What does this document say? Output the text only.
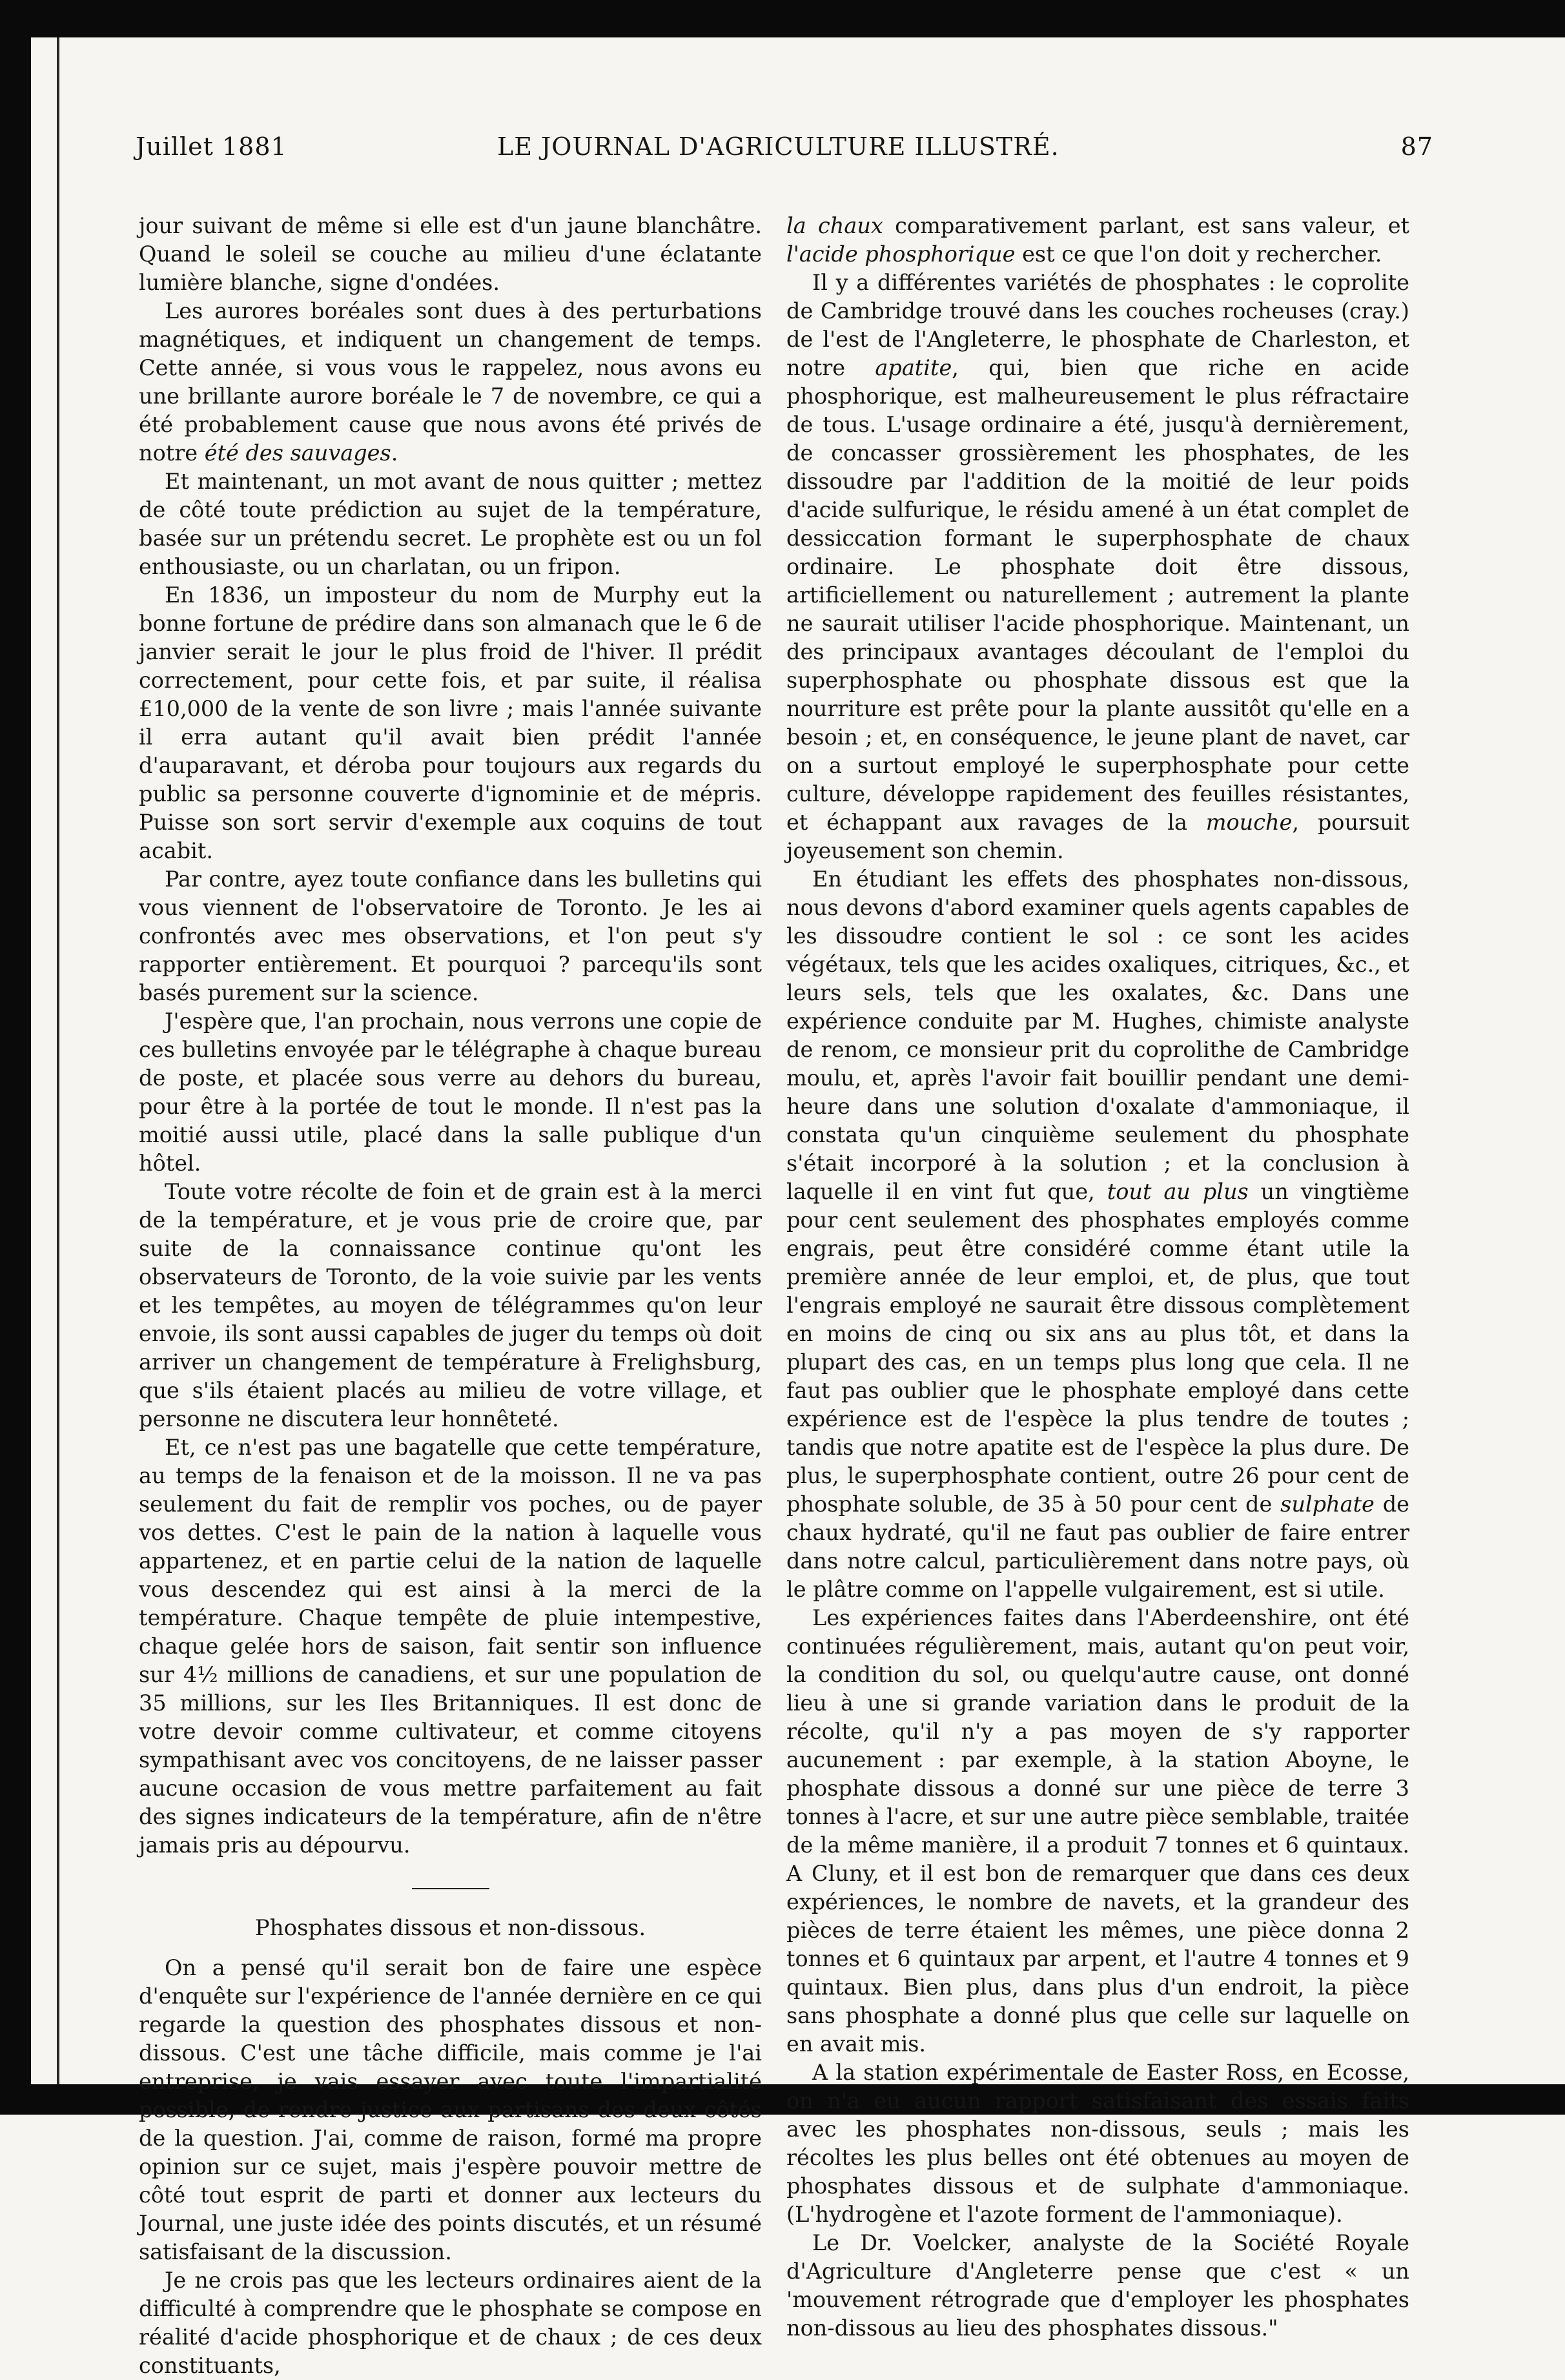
Juillet 1881	LE JOURNAL D'AGRICULTURE ILLUSTRÉ.	87

jour suivant de même si elle est d'un jaune blanchâtre. Quand le soleil se couche au milieu d'une éclatante lumière blanche, signe d'ondées.

Les aurores boréales sont dues à des perturbations magnétiques, et indiquent un changement de temps. Cette année, si vous vous le rappelez, nous avons eu une brillante aurore boréale le 7 de novembre, ce qui a été probablement cause que nous avons été privés de notre été des sauvages.

Et maintenant, un mot avant de nous quitter ; mettez de côté toute prédiction au sujet de la température, basée sur un prétendu secret. Le prophète est ou un fol enthousiaste, ou un charlatan, ou un fripon.

En 1836, un imposteur du nom de Murphy eut la bonne fortune de prédire dans son almanach que le 6 de janvier serait le jour le plus froid de l'hiver. Il prédit correctement, pour cette fois, et par suite, il réalisa £10,000 de la vente de son livre ; mais l'année suivante il erra autant qu'il avait bien prédit l'année d'auparavant, et déroba pour toujours aux regards du public sa personne couverte d'ignominie et de mépris. Puisse son sort servir d'exemple aux coquins de tout acabit.

Par contre, ayez toute confiance dans les bulletins qui vous viennent de l'observatoire de Toronto. Je les ai confrontés avec mes observations, et l'on peut s'y rapporter entièrement. Et pourquoi ? parcequ'ils sont basés purement sur la science.

J'espère que, l'an prochain, nous verrons une copie de ces bulletins envoyée par le télégraphe à chaque bureau de poste, et placée sous verre au dehors du bureau, pour être à la portée de tout le monde. Il n'est pas la moitié aussi utile, placé dans la salle publique d'un hôtel.

Toute votre récolte de foin et de grain est à la merci de la température, et je vous prie de croire que, par suite de la connaissance continue qu'ont les observateurs de Toronto, de la voie suivie par les vents et les tempêtes, au moyen de télégrammes qu'on leur envoie, ils sont aussi capables de juger du temps où doit arriver un changement de température à Frelighsburg, que s'ils étaient placés au milieu de votre village, et personne ne discutera leur honnêteté.

Et, ce n'est pas une bagatelle que cette température, au temps de la fenaison et de la moisson. Il ne va pas seulement du fait de remplir vos poches, ou de payer vos dettes. C'est le pain de la nation à laquelle vous appartenez, et en partie celui de la nation de laquelle vous descendez qui est ainsi à la merci de la température. Chaque tempête de pluie intempestive, chaque gelée hors de saison, fait sentir son influence sur 4½ millions de canadiens, et sur une population de 35 millions, sur les Iles Britanniques. Il est donc de votre devoir comme cultivateur, et comme citoyens sympathisant avec vos concitoyens, de ne laisser passer aucune occasion de vous mettre parfaitement au fait des signes indicateurs de la température, afin de n'être jamais pris au dépourvu.

Phosphates dissous et non-dissous.

On a pensé qu'il serait bon de faire une espèce d'enquête sur l'expérience de l'année dernière en ce qui regarde la question des phosphates dissous et non-dissous. C'est une tâche difficile, mais comme je l'ai entreprise, je vais essayer avec toute l'impartialité possible, de rendre justice aux partisans des deux côtés de la question. J'ai, comme de raison, formé ma propre opinion sur ce sujet, mais j'espère pouvoir mettre de côté tout esprit de parti et donner aux lecteurs du Journal, une juste idée des points discutés, et un résumé satisfaisant de la discussion.

Je ne crois pas que les lecteurs ordinaires aient de la difficulté à comprendre que le phosphate se compose en réalité d'acide phosphorique et de chaux ; de ces deux constituants,

la chaux comparativement parlant, est sans valeur, et l'acide phosphorique est ce que l'on doit y rechercher.

Il y a différentes variétés de phosphates : le coprolite de Cambridge trouvé dans les couches rocheuses (cray.) de l'est de l'Angleterre, le phosphate de Charleston, et notre apatite, qui, bien que riche en acide phosphorique, est malheureusement le plus réfractaire de tous. L'usage ordinaire a été, jusqu'à dernièrement, de concasser grossièrement les phosphates, de les dissoudre par l'addition de la moitié de leur poids d'acide sulfurique, le résidu amené à un état complet de dessiccation formant le superphosphate de chaux ordinaire. Le phosphate doit être dissous, artificiellement ou naturellement ; autrement la plante ne saurait utiliser l'acide phosphorique. Maintenant, un des principaux avantages découlant de l'emploi du superphosphate ou phosphate dissous est que la nourriture est prête pour la plante aussitôt qu'elle en a besoin ; et, en conséquence, le jeune plant de navet, car on a surtout employé le superphosphate pour cette culture, développe rapidement des feuilles résistantes, et échappant aux ravages de la mouche, poursuit joyeusement son chemin.

En étudiant les effets des phosphates non-dissous, nous devons d'abord examiner quels agents capables de les dissoudre contient le sol : ce sont les acides végétaux, tels que les acides oxaliques, citriques, &c., et leurs sels, tels que les oxalates, &c. Dans une expérience conduite par M. Hughes, chimiste analyste de renom, ce monsieur prit du coprolithe de Cambridge moulu, et, après l'avoir fait bouillir pendant une demi-heure dans une solution d'oxalate d'ammoniaque, il constata qu'un cinquième seulement du phosphate s'était incorporé à la solution ; et la conclusion à laquelle il en vint fut que, tout au plus un vingtième pour cent seulement des phosphates employés comme engrais, peut être considéré comme étant utile la première année de leur emploi, et, de plus, que tout l'engrais employé ne saurait être dissous complètement en moins de cinq ou six ans au plus tôt, et dans la plupart des cas, en un temps plus long que cela. Il ne faut pas oublier que le phosphate employé dans cette expérience est de l'espèce la plus tendre de toutes ; tandis que notre apatite est de l'espèce la plus dure. De plus, le superphosphate contient, outre 26 pour cent de phosphate soluble, de 35 à 50 pour cent de sulphate de chaux hydraté, qu'il ne faut pas oublier de faire entrer dans notre calcul, particulièrement dans notre pays, où le plâtre comme on l'appelle vulgairement, est si utile.

Les expériences faites dans l'Aberdeenshire, ont été continuées régulièrement, mais, autant qu'on peut voir, la condition du sol, ou quelqu'autre cause, ont donné lieu à une si grande variation dans le produit de la récolte, qu'il n'y a pas moyen de s'y rapporter aucunement : par exemple, à la station Aboyne, le phosphate dissous a donné sur une pièce de terre 3 tonnes à l'acre, et sur une autre pièce semblable, traitée de la même manière, il a produit 7 tonnes et 6 quintaux. A Cluny, et il est bon de remarquer que dans ces deux expériences, le nombre de navets, et la grandeur des pièces de terre étaient les mêmes, une pièce donna 2 tonnes et 6 quintaux par arpent, et l'autre 4 tonnes et 9 quintaux. Bien plus, dans plus d'un endroit, la pièce sans phosphate a donné plus que celle sur laquelle on en avait mis.

A la station expérimentale de Easter Ross, en Ecosse, on n'a eu aucun rapport satisfaisant des essais faits avec les phosphates non-dissous, seuls ; mais les récoltes les plus belles ont été obtenues au moyen de phosphates dissous et de sulphate d'ammoniaque. (L'hydrogène et l'azote forment de l'ammoniaque).

Le Dr. Voelcker, analyste de la Société Royale d'Agriculture d'Angleterre pense que c'est « un 'mouvement rétrograde que d'employer les phosphates non-dissous au lieu des phosphates dissous."
